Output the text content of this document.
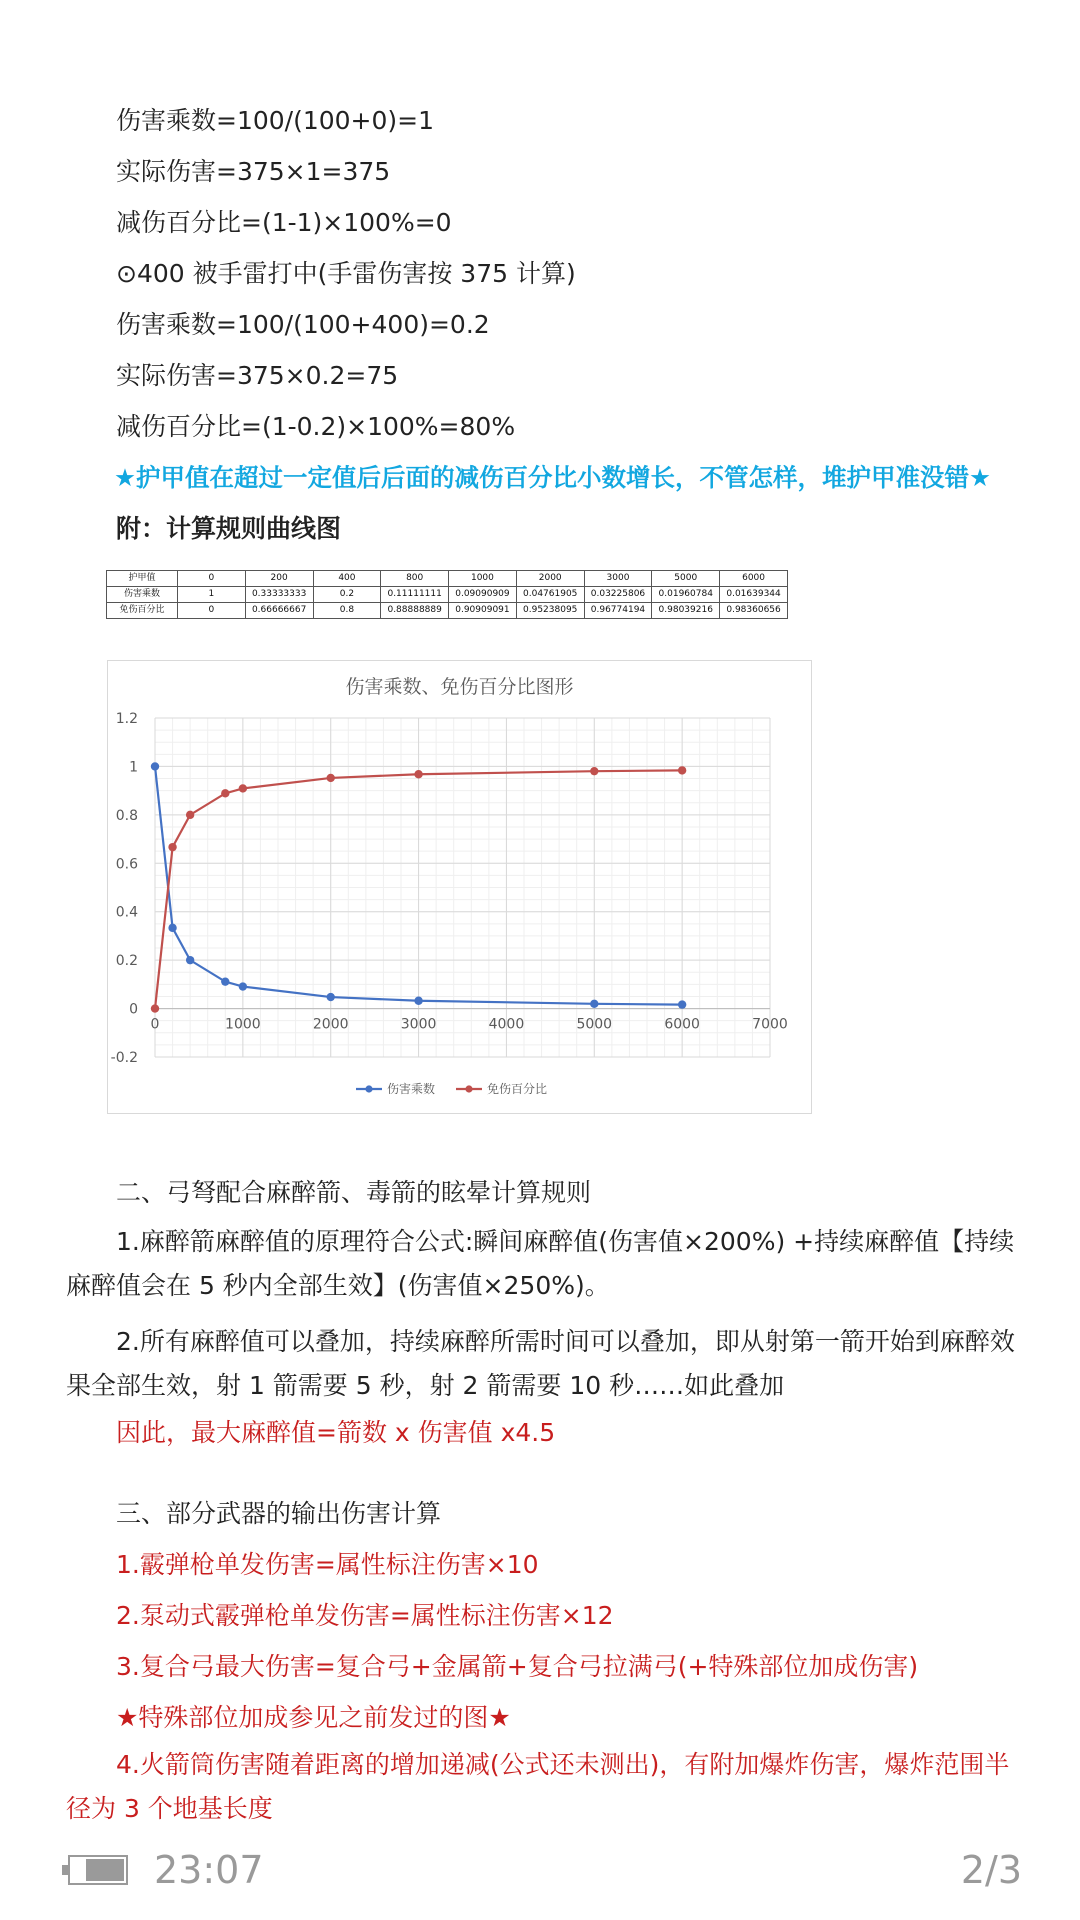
伤害乘数=100/(100+0)=1
实际伤害=375×1=375
减伤百分比=(1-1)×100%=0
⊙400 被手雷打中(手雷伤害按 375 计算)
伤害乘数=100/(100+400)=0.2
实际伤害=375×0.2=75
减伤百分比=(1-0.2)×100%=80%
★护甲值在超过一定值后后面的减伤百分比小数增长，不管怎样，堆护甲准没错★
附：计算规则曲线图
护甲值	0	200	400	800	1000	2000	3000	5000	6000
伤害乘数	1	0.33333333	0.2	0.11111111	0.09090909	0.04761905	0.03225806	0.01960784	0.01639344
免伤百分比	0	0.66666667	0.8	0.88888889	0.90909091	0.95238095	0.96774194	0.98039216	0.98360656
伤害乘数、免伤百分比图形
-0.2
0
0.2
0.4
0.6
0.8
1
1.2
0	1000	2000	3000	4000	5000	6000	7000
伤害乘数	免伤百分比
二、弓弩配合麻醉箭、毒箭的眩晕计算规则
1.麻醉箭麻醉值的原理符合公式:瞬间麻醉值(伤害值×200%) +持续麻醉值【持续麻醉值会在 5 秒内全部生效】(伤害值×250%)。
2.所有麻醉值可以叠加，持续麻醉所需时间可以叠加，即从射第一箭开始到麻醉效果全部生效，射 1 箭需要 5 秒，射 2 箭需要 10 秒……如此叠加
因此，最大麻醉值=箭数 x 伤害值 x4.5
三、部分武器的输出伤害计算
1.霰弹枪单发伤害=属性标注伤害×10
2.泵动式霰弹枪单发伤害=属性标注伤害×12
3.复合弓最大伤害=复合弓+金属箭+复合弓拉满弓(+特殊部位加成伤害)
★特殊部位加成参见之前发过的图★
4.火箭筒伤害随着距离的增加递减(公式还未测出)，有附加爆炸伤害，爆炸范围半径为 3 个地基长度
23:07	2/3
